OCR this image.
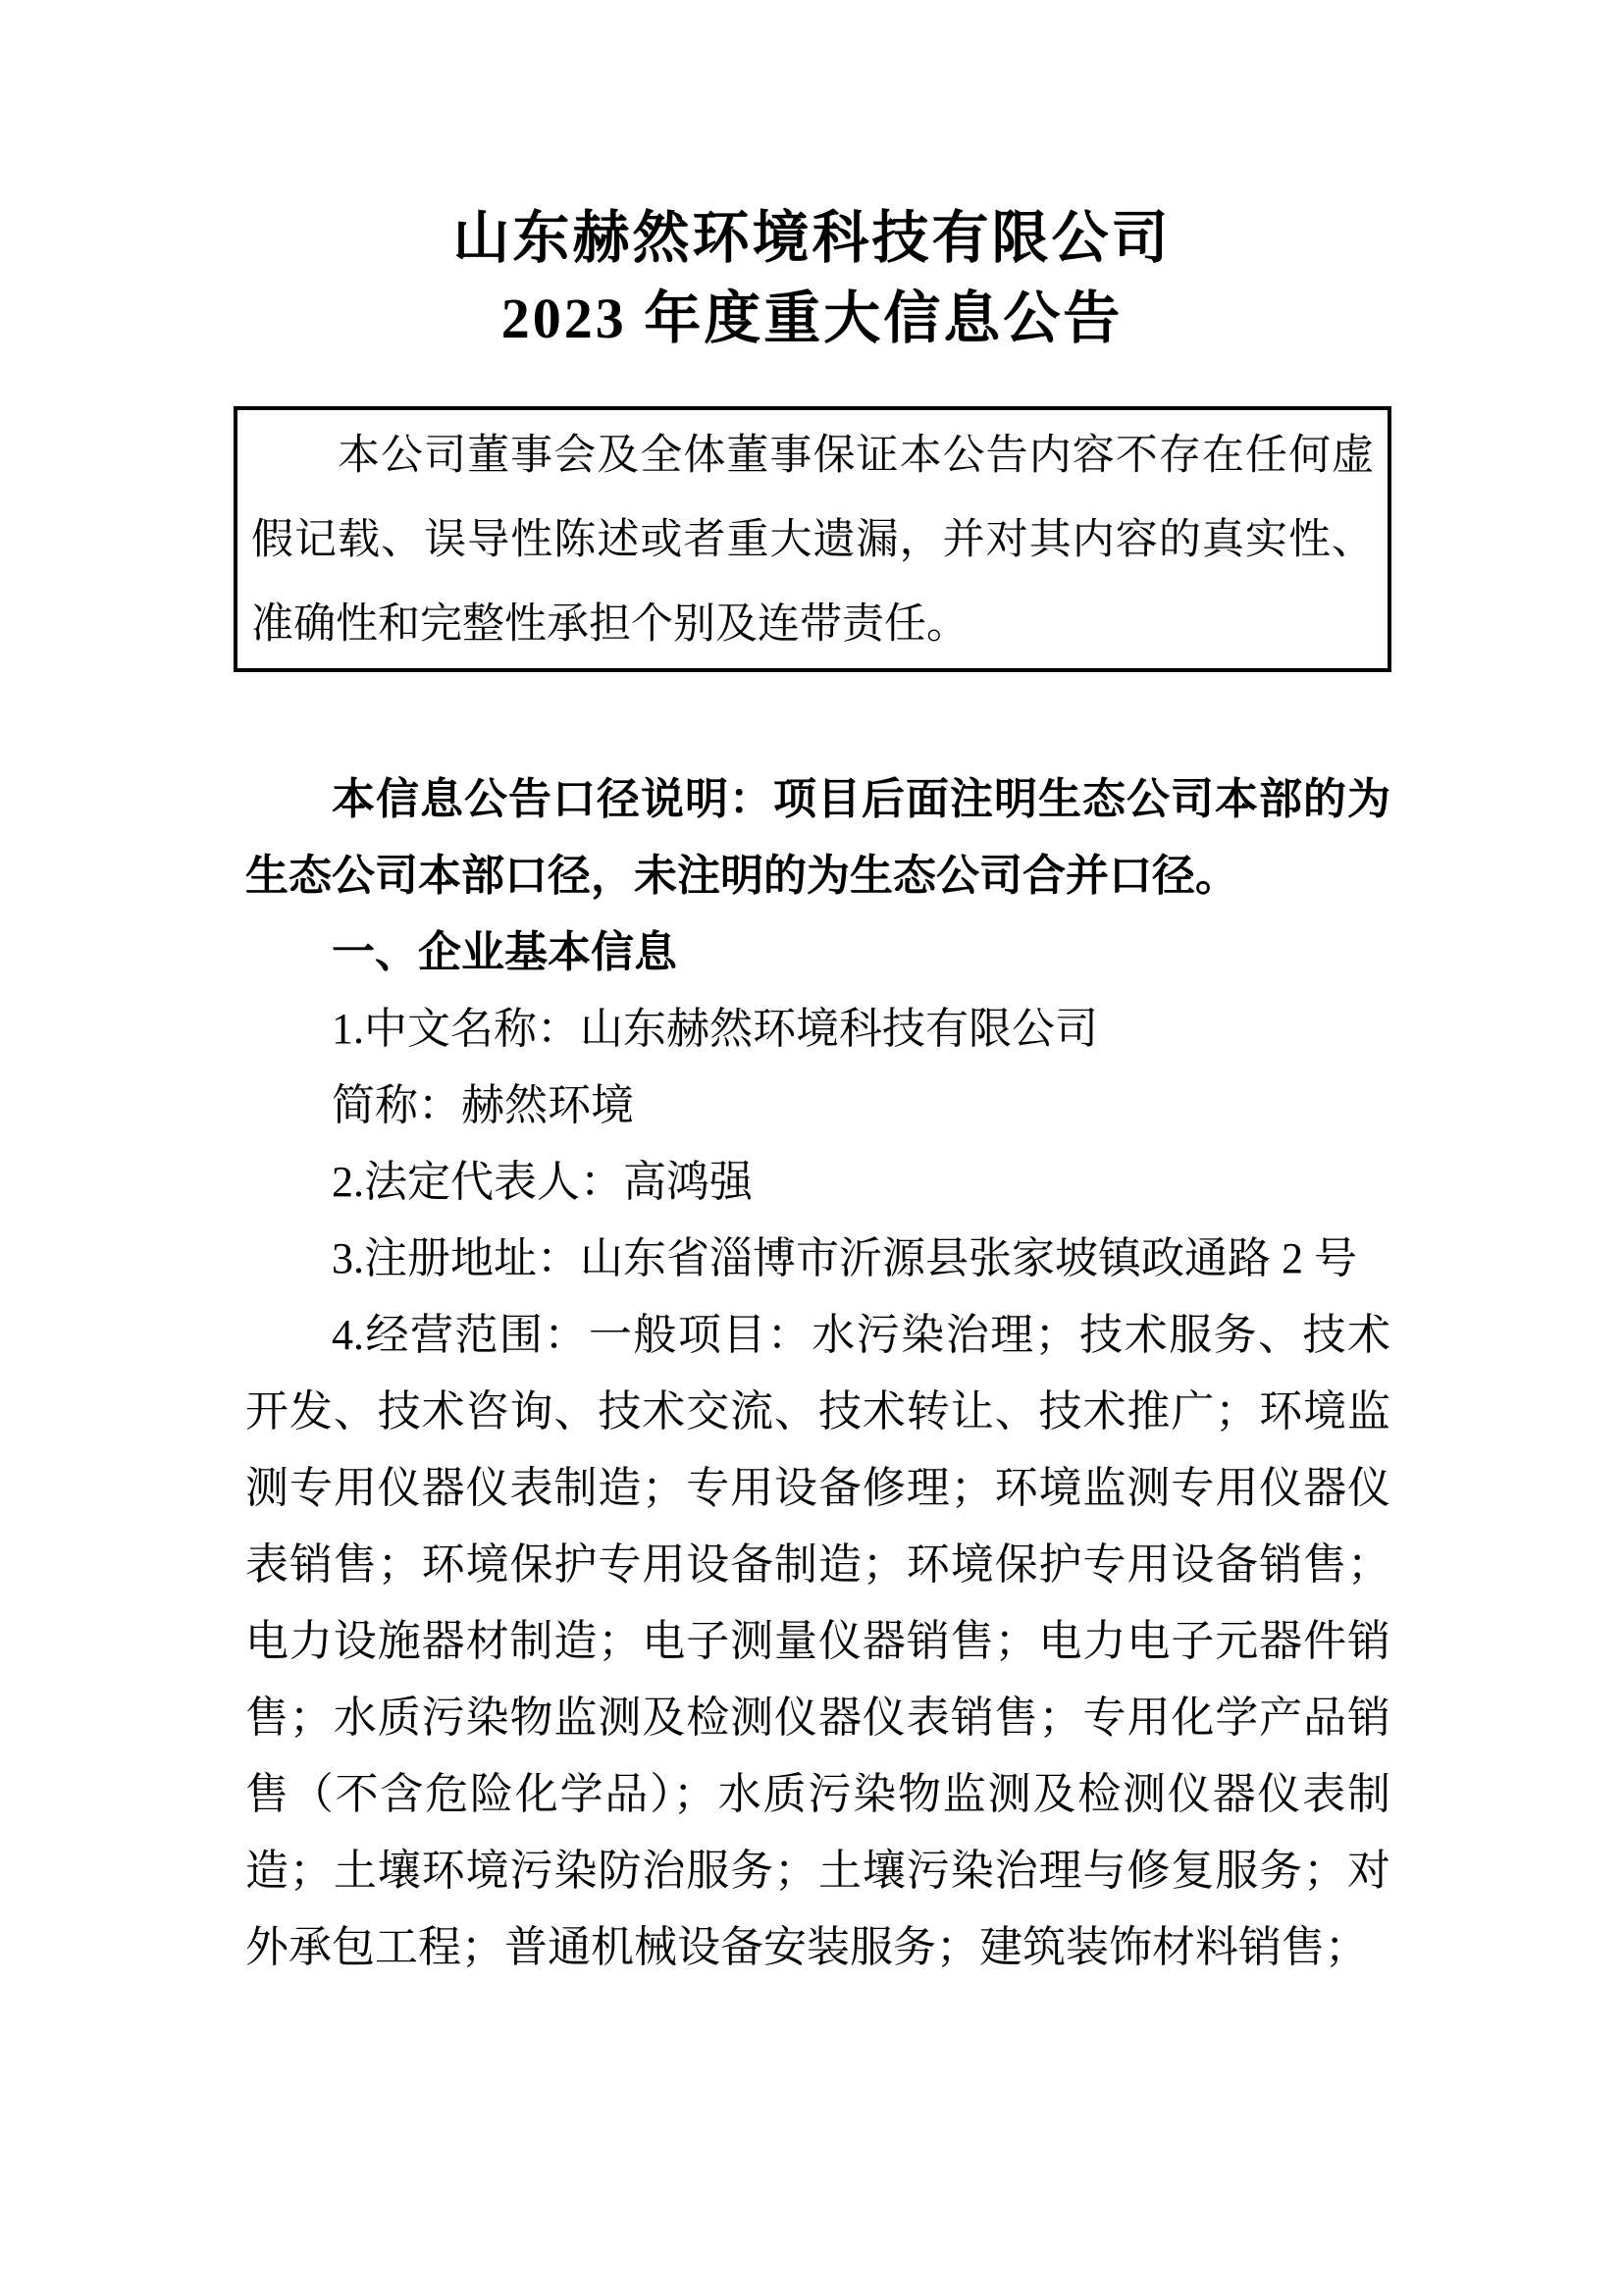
山东赫然环境科技有限公司
2023 年度重大信息公告
本公司董事会及全体董事保证本公告内容不存在任何虚
假记载、误导性陈述或者重大遗漏，并对其内容的真实性、
准确性和完整性承担个别及连带责任。
本信息公告口径说明：项目后面注明生态公司本部的为
生态公司本部口径，未注明的为生态公司合并口径。
一、企业基本信息
1.中文名称：山东赫然环境科技有限公司
简称：赫然环境
2.法定代表人：高鸿强
3.注册地址：山东省淄博市沂源县张家坡镇政通路 2 号
4.经营范围：一般项目：水污染治理；技术服务、技术
开发、技术咨询、技术交流、技术转让、技术推广；环境监
测专用仪器仪表制造；专用设备修理；环境监测专用仪器仪
表销售；环境保护专用设备制造；环境保护专用设备销售；
电力设施器材制造；电子测量仪器销售；电力电子元器件销
售；水质污染物监测及检测仪器仪表销售；专用化学产品销
售（不含危险化学品）；水质污染物监测及检测仪器仪表制
造；土壤环境污染防治服务；土壤污染治理与修复服务；对
外承包工程；普通机械设备安装服务；建筑装饰材料销售；
